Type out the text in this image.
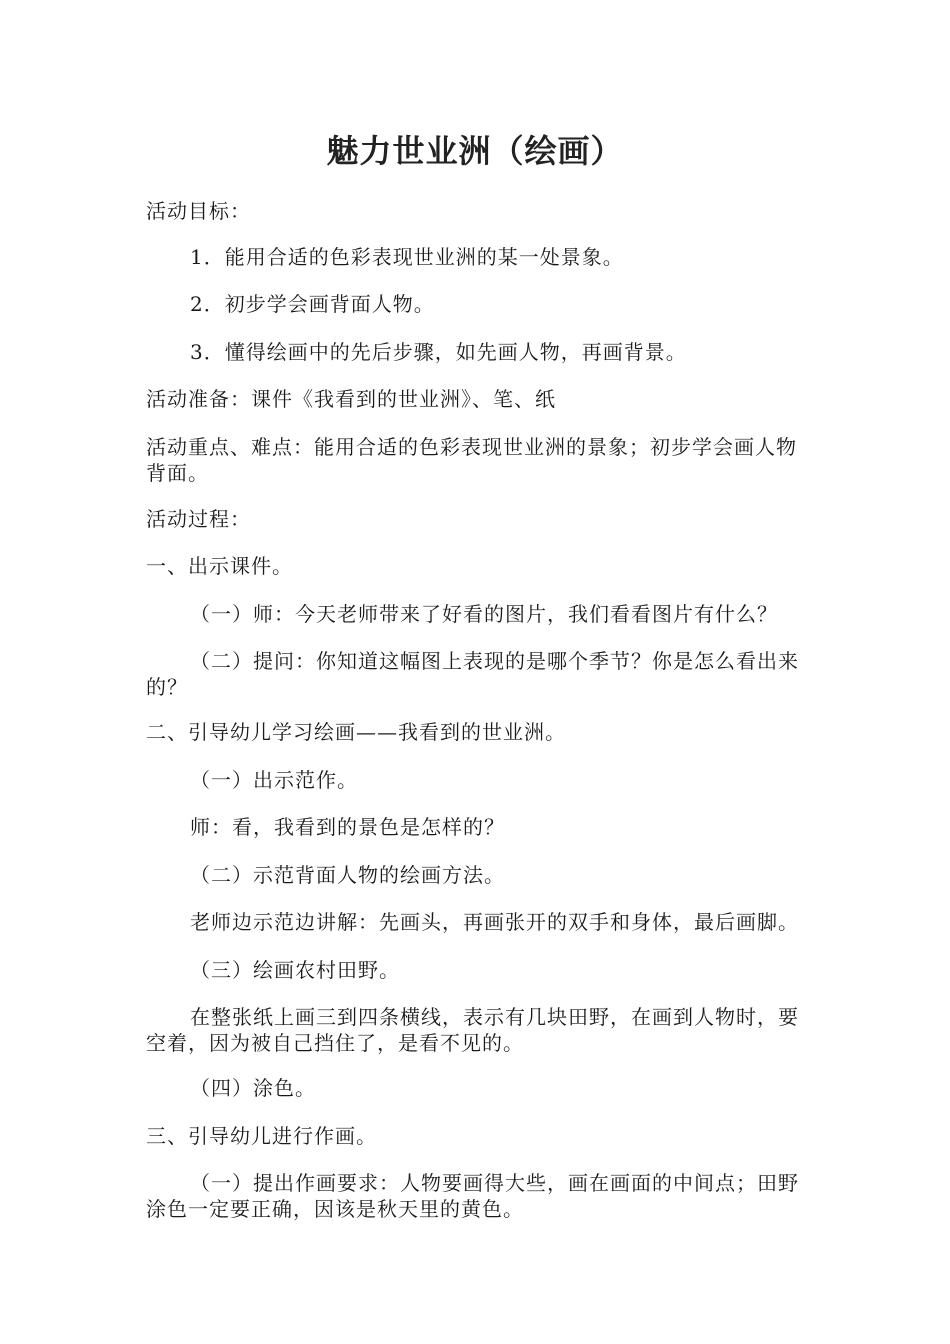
魅力世业洲（绘画）
活动目标：
1．能用合适的色彩表现世业洲的某一处景象。
2．初步学会画背面人物。
3．懂得绘画中的先后步骤，如先画人物，再画背景。
活动准备：课件《我看到的世业洲》、笔、纸
活动重点、难点：能用合适的色彩表现世业洲的景象；初步学会画人物背面。
活动过程：
一、出示课件。
（一）师：今天老师带来了好看的图片，我们看看图片有什么？
（二）提问：你知道这幅图上表现的是哪个季节？你是怎么看出来的？
二、引导幼儿学习绘画——我看到的世业洲。
（一）出示范作。
师：看，我看到的景色是怎样的？
（二）示范背面人物的绘画方法。
老师边示范边讲解：先画头，再画张开的双手和身体，最后画脚。
（三）绘画农村田野。
在整张纸上画三到四条横线，表示有几块田野，在画到人物时，要空着，因为被自己挡住了，是看不见的。
（四）涂色。
三、引导幼儿进行作画。
（一）提出作画要求：人物要画得大些，画在画面的中间点；田野涂色一定要正确，因该是秋天里的黄色。
